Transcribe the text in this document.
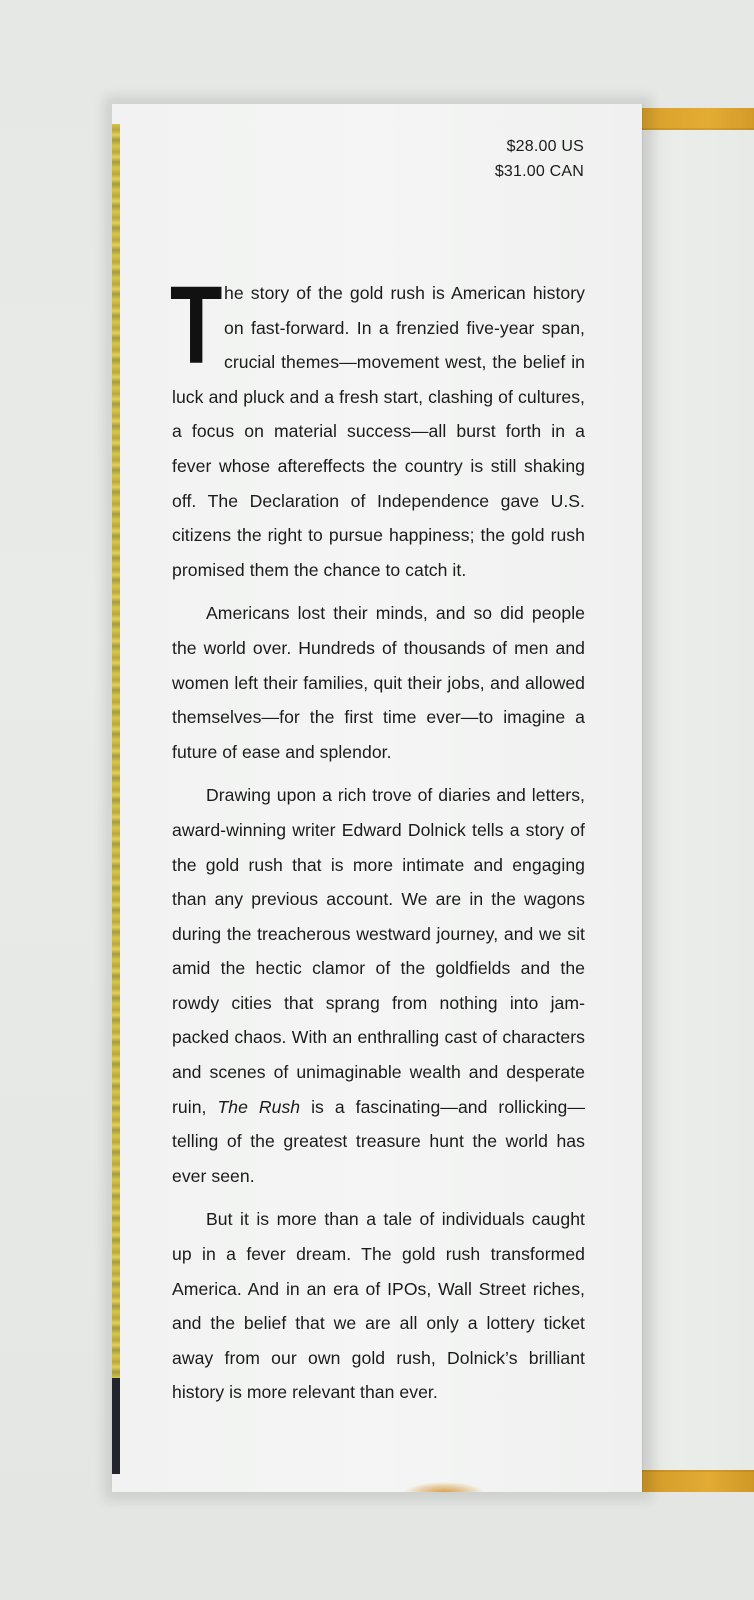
$28.00 US
$31.00 CAN

The story of the gold rush is American history on fast-forward. In a frenzied five-year span, crucial themes—movement west, the belief in luck and pluck and a fresh start, clashing of cultures, a focus on material success—all burst forth in a fever whose aftereffects the country is still shaking off. The Declaration of Independence gave U.S. citizens the right to pursue happiness; the gold rush promised them the chance to catch it.

Americans lost their minds, and so did people the world over. Hundreds of thousands of men and women left their families, quit their jobs, and allowed themselves—for the first time ever—to imagine a future of ease and splendor.

Drawing upon a rich trove of diaries and letters, award-winning writer Edward Dolnick tells a story of the gold rush that is more intimate and engaging than any previous account. We are in the wagons during the treacherous westward journey, and we sit amid the hectic clamor of the goldfields and the rowdy cities that sprang from nothing into jam-packed chaos. With an enthralling cast of characters and scenes of unimaginable wealth and desperate ruin, The Rush is a fascinating—and rollicking—telling of the greatest treasure hunt the world has ever seen.

But it is more than a tale of individuals caught up in a fever dream. The gold rush transformed America. And in an era of IPOs, Wall Street riches, and the belief that we are all only a lottery ticket away from our own gold rush, Dolnick’s brilliant history is more relevant than ever.
